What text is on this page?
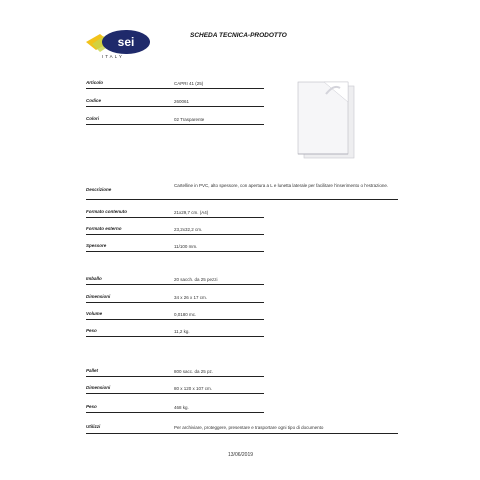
sei
ITALY
SCHEDA TECNICA-PRODOTTO
Articolo	CAPRI 41 (25)
Codice	260061
Colori	02 Trasparente
Descrizione
Cartelline in PVC, alto spessore, con apertura a L e lunetta laterale per facilitare l'inserimento o l'estrazione.
Formato contenuto	21x29,7 cm. (A4)
Formato esterno	23,2x32,2 cm.
Spessore	11/100 mm.
Imballo	20 sacch. da 25 pezzi
Dimensioni	34 x 26 x 17 cm.
Volume	0,0180 mc.
Peso	11,2 kg.
Pallet	800 sacc. da 25 pz.
Dimensioni	80 x 120 x 107 cm.
Peso	468 kg.
Utilizzi	Per archiviare, proteggere, presentare e trasportare ogni tipo di documento
13/06/2019
